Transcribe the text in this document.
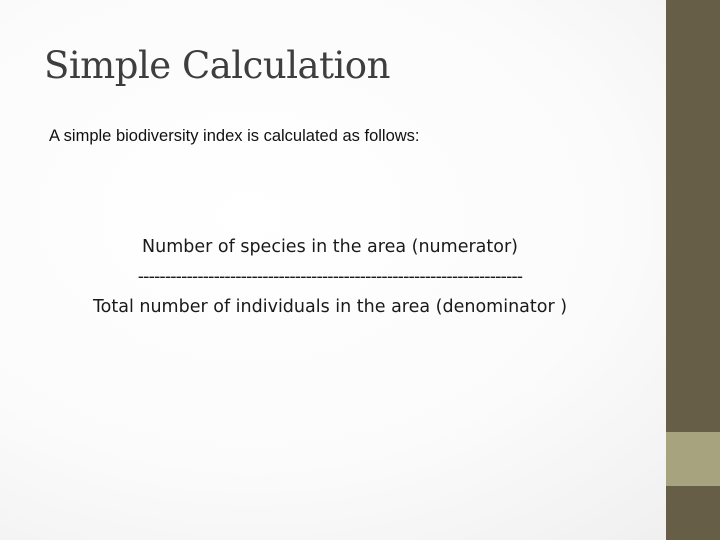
Simple Calculation
A simple biodiversity index is calculated as follows:
Number of species in the area (numerator)
-----------------------------------------------------------------------
Total number of individuals in the area (denominator )
